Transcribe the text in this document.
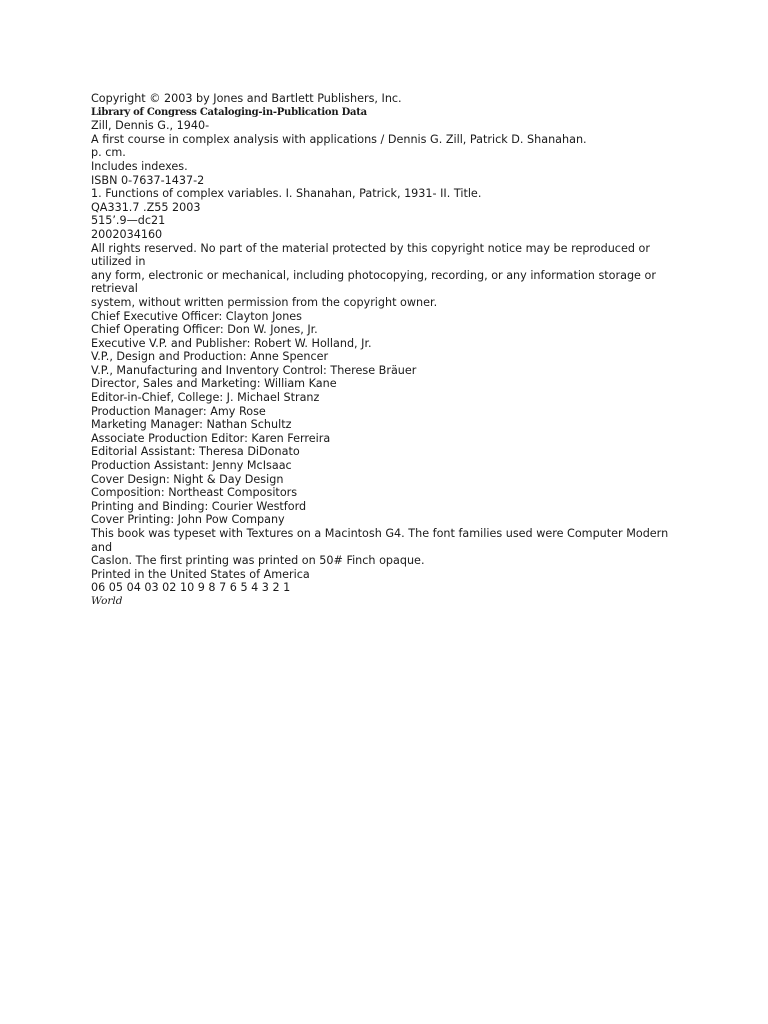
Copyright © 2003 by Jones and Bartlett Publishers, Inc.
Library of Congress Cataloging-in-Publication Data
Zill, Dennis G., 1940-
A first course in complex analysis with applications / Dennis G. Zill, Patrick D. Shanahan.
p. cm.
Includes indexes.
ISBN 0-7637-1437-2
1. Functions of complex variables. I. Shanahan, Patrick, 1931- II. Title.
QA331.7 .Z55 2003
515’.9—dc21
2002034160
All rights reserved. No part of the material protected by this copyright notice may be reproduced or
utilized in
any form, electronic or mechanical, including photocopying, recording, or any information storage or
retrieval
system, without written permission from the copyright owner.
Chief Executive Officer: Clayton Jones
Chief Operating Officer: Don W. Jones, Jr.
Executive V.P. and Publisher: Robert W. Holland, Jr.
V.P., Design and Production: Anne Spencer
V.P., Manufacturing and Inventory Control: Therese Bräuer
Director, Sales and Marketing: William Kane
Editor-in-Chief, College: J. Michael Stranz
Production Manager: Amy Rose
Marketing Manager: Nathan Schultz
Associate Production Editor: Karen Ferreira
Editorial Assistant: Theresa DiDonato
Production Assistant: Jenny McIsaac
Cover Design: Night & Day Design
Composition: Northeast Compositors
Printing and Binding: Courier Westford
Cover Printing: John Pow Company
This book was typeset with Textures on a Macintosh G4. The font families used were Computer Modern
and
Caslon. The first printing was printed on 50# Finch opaque.
Printed in the United States of America
06 05 04 03 02 10 9 8 7 6 5 4 3 2 1
World
